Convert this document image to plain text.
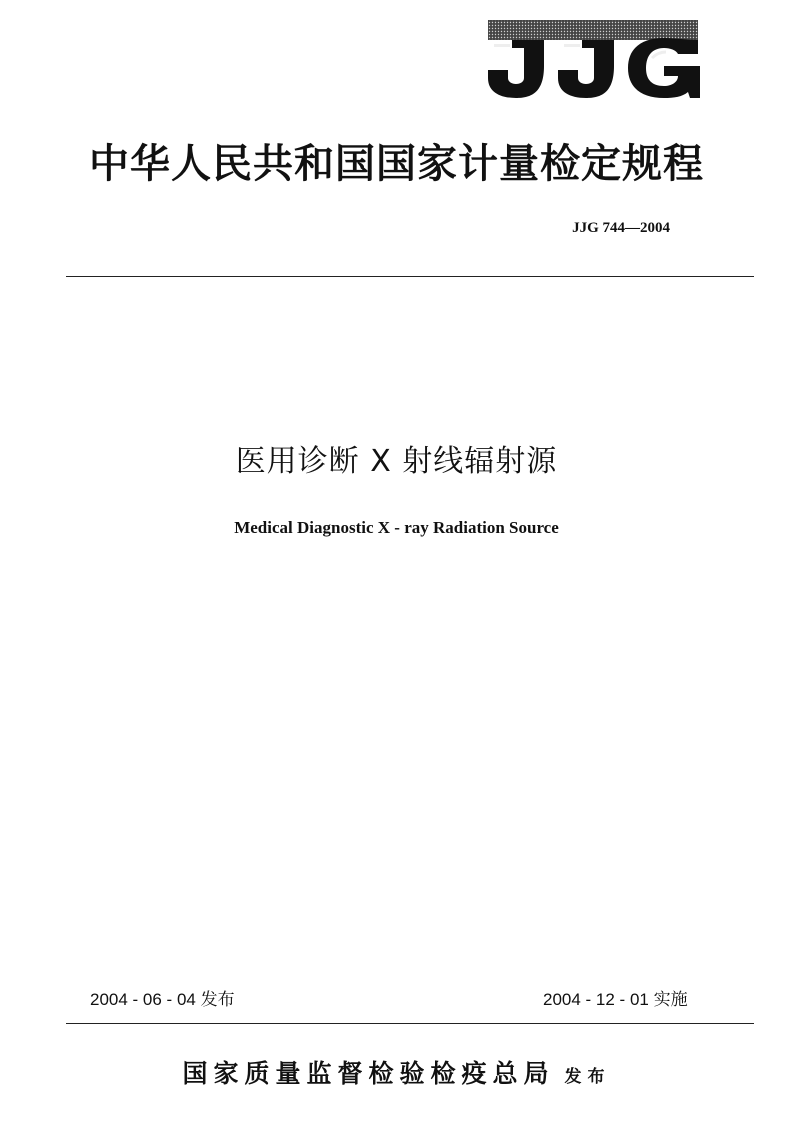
中华人民共和国国家计量检定规程
JJG 744—2004
医用诊断 X 射线辐射源
Medical Diagnostic X - ray Radiation Source
2004 - 06 - 04 发布	2004 - 12 - 01 实施
国家质量监督检验检疫总局 发布
